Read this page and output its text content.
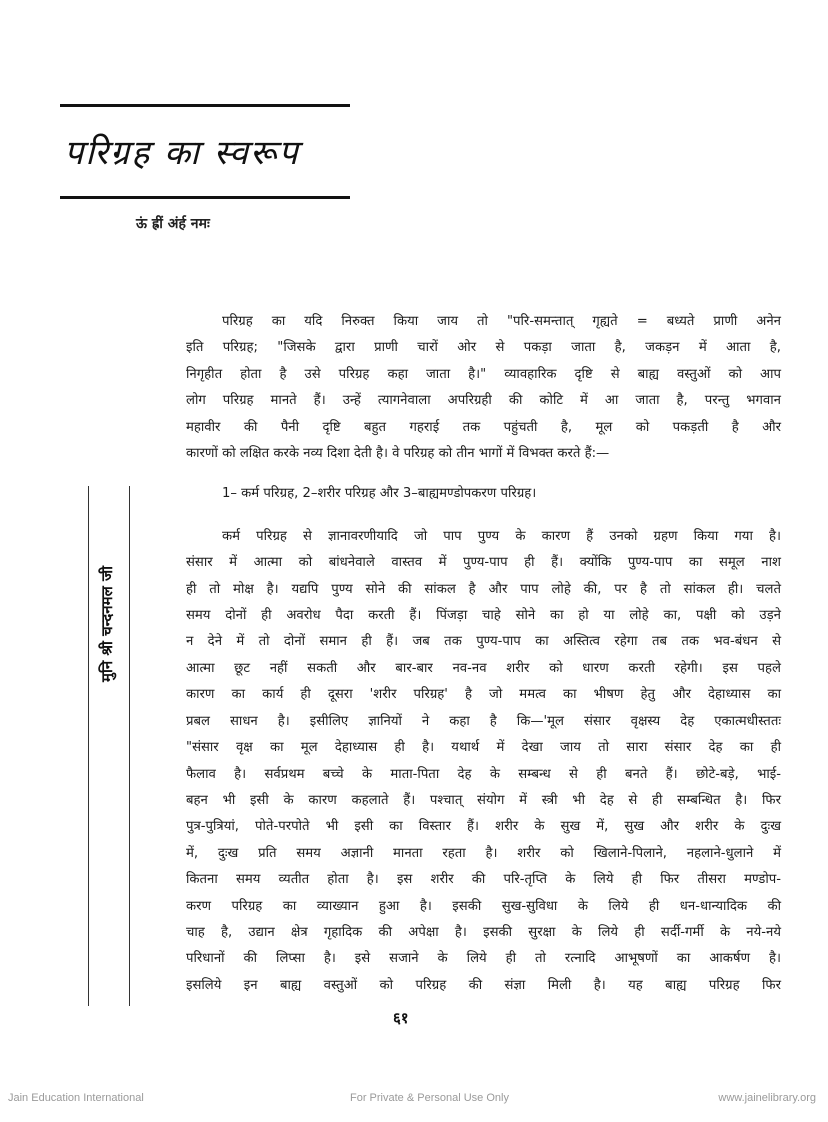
परिग्रह का स्वरूप
ऊं ह्रीं अंर्ह नमः
मुनि श्री चन्दनमल जी
परिग्रह का यदि निरुक्त किया जाय तो "परि-समन्तात् गृह्यते = बध्यते प्राणी अनेन
इति परिग्रह; "जिसके द्वारा प्राणी चारों ओर से पकड़ा जाता है, जकड़न में आता है,
निगृहीत होता है उसे परिग्रह कहा जाता है।" व्यावहारिक दृष्टि से बाह्य वस्तुओं को आप
लोग परिग्रह मानते हैं। उन्हें त्यागनेवाला अपरिग्रही की कोटि में आ जाता है, परन्तु भगवान
महावीर की पैनी दृष्टि बहुत गहराई तक पहुंचती है, मूल को पकड़ती है और
कारणों को लक्षित करके नव्य दिशा देती है। वे परिग्रह को तीन भागों में विभक्त करते हैं:—
1– कर्म परिग्रह, 2–शरीर परिग्रह और 3–बाह्यमण्डोपकरण परिग्रह।
कर्म परिग्रह से ज्ञानावरणीयादि जो पाप पुण्य के कारण हैं उनको ग्रहण किया गया है।
संसार में आत्मा को बांधनेवाले वास्तव में पुण्य-पाप ही हैं। क्योंकि पुण्य-पाप का समूल नाश
ही तो मोक्ष है। यद्यपि पुण्य सोने की सांकल है और पाप लोहे की, पर है तो सांकल ही। चलते
समय दोनों ही अवरोध पैदा करती हैं। पिंजड़ा चाहे सोने का हो या लोहे का, पक्षी को उड़ने
न देने में तो दोनों समान ही हैं। जब तक पुण्य-पाप का अस्तित्व रहेगा तब तक भव-बंधन से
आत्मा छूट नहीं सकती और बार-बार नव-नव शरीर को धारण करती रहेगी। इस पहले
कारण का कार्य ही दूसरा 'शरीर परिग्रह' है जो ममत्व का भीषण हेतु और देहाध्यास का
प्रबल साधन है। इसीलिए ज्ञानियों ने कहा है कि—'मूल संसार वृक्षस्य देह एकात्मधीस्ततः
"संसार वृक्ष का मूल देहाध्यास ही है। यथार्थ में देखा जाय तो सारा संसार देह का ही
फैलाव है। सर्वप्रथम बच्चे के माता-पिता देह के सम्बन्ध से ही बनते हैं। छोटे-बड़े, भाई-
बहन भी इसी के कारण कहलाते हैं। पश्चात् संयोग में स्त्री भी देह से ही सम्बन्धित है। फिर
पुत्र-पुत्रियां, पोते-परपोते भी इसी का विस्तार हैं। शरीर के सुख में, सुख और शरीर के दुःख
में, दुःख प्रति समय अज्ञानी मानता रहता है। शरीर को खिलाने-पिलाने, नहलाने-धुलाने में
कितना समय व्यतीत होता है। इस शरीर की परि-तृप्ति के लिये ही फिर तीसरा मण्डोप-
करण परिग्रह का व्याख्यान हुआ है। इसकी सुख-सुविधा के लिये ही धन-धान्यादिक की
चाह है, उद्यान क्षेत्र गृहादिक की अपेक्षा है। इसकी सुरक्षा के लिये ही सर्दी-गर्मी के नये-नये
परिधानों की लिप्सा है। इसे सजाने के लिये ही तो रत्नादि आभूषणों का आकर्षण है।
इसलिये इन बाह्य वस्तुओं को परिग्रह की संज्ञा मिली है। यह बाह्य परिग्रह फिर
६१
Jain Education International	For Private & Personal Use Only	www.jainelibrary.org
